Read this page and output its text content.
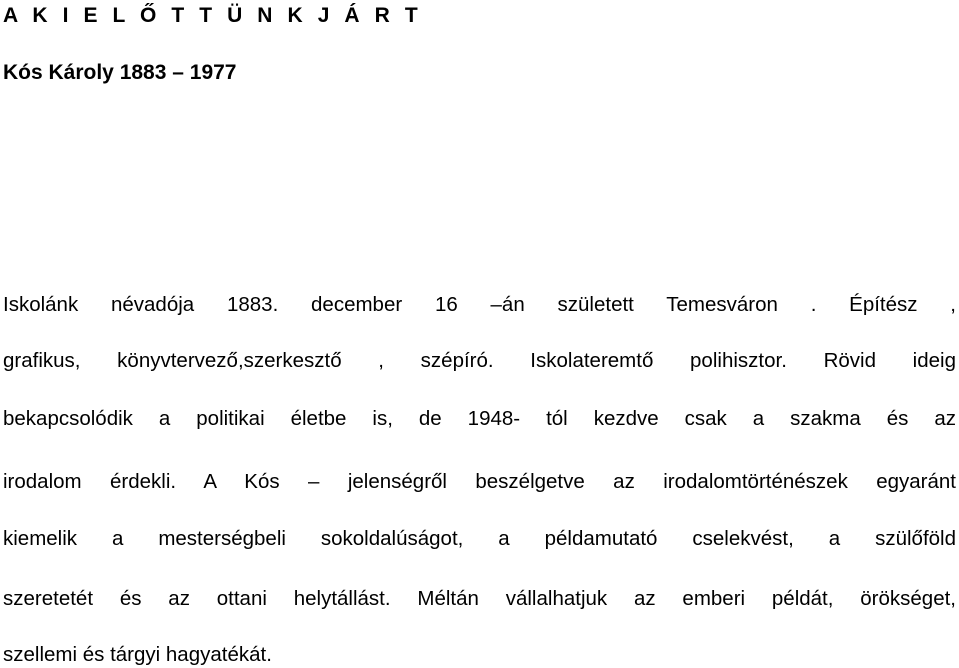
A K I E L Ő T T Ü N K J Á R T
Kós Károly 1883 – 1977
Iskolánk névadója 1883. december 16 –án született Temesváron . Építész ,
grafikus, könyvtervező,szerkesztő , szépíró. Iskolateremtő polihisztor. Rövid ideig
bekapcsolódik a politikai életbe is, de 1948- tól kezdve csak a szakma és az
irodalom érdekli. A Kós – jelenségről beszélgetve az irodalomtörténészek egyaránt
kiemelik a mesterségbeli sokoldalúságot, a példamutató cselekvést, a szülőföld
szeretetét és az ottani helytállást. Méltán vállalhatjuk az emberi példát, örökséget,
szellemi és tárgyi hagyatékát.
